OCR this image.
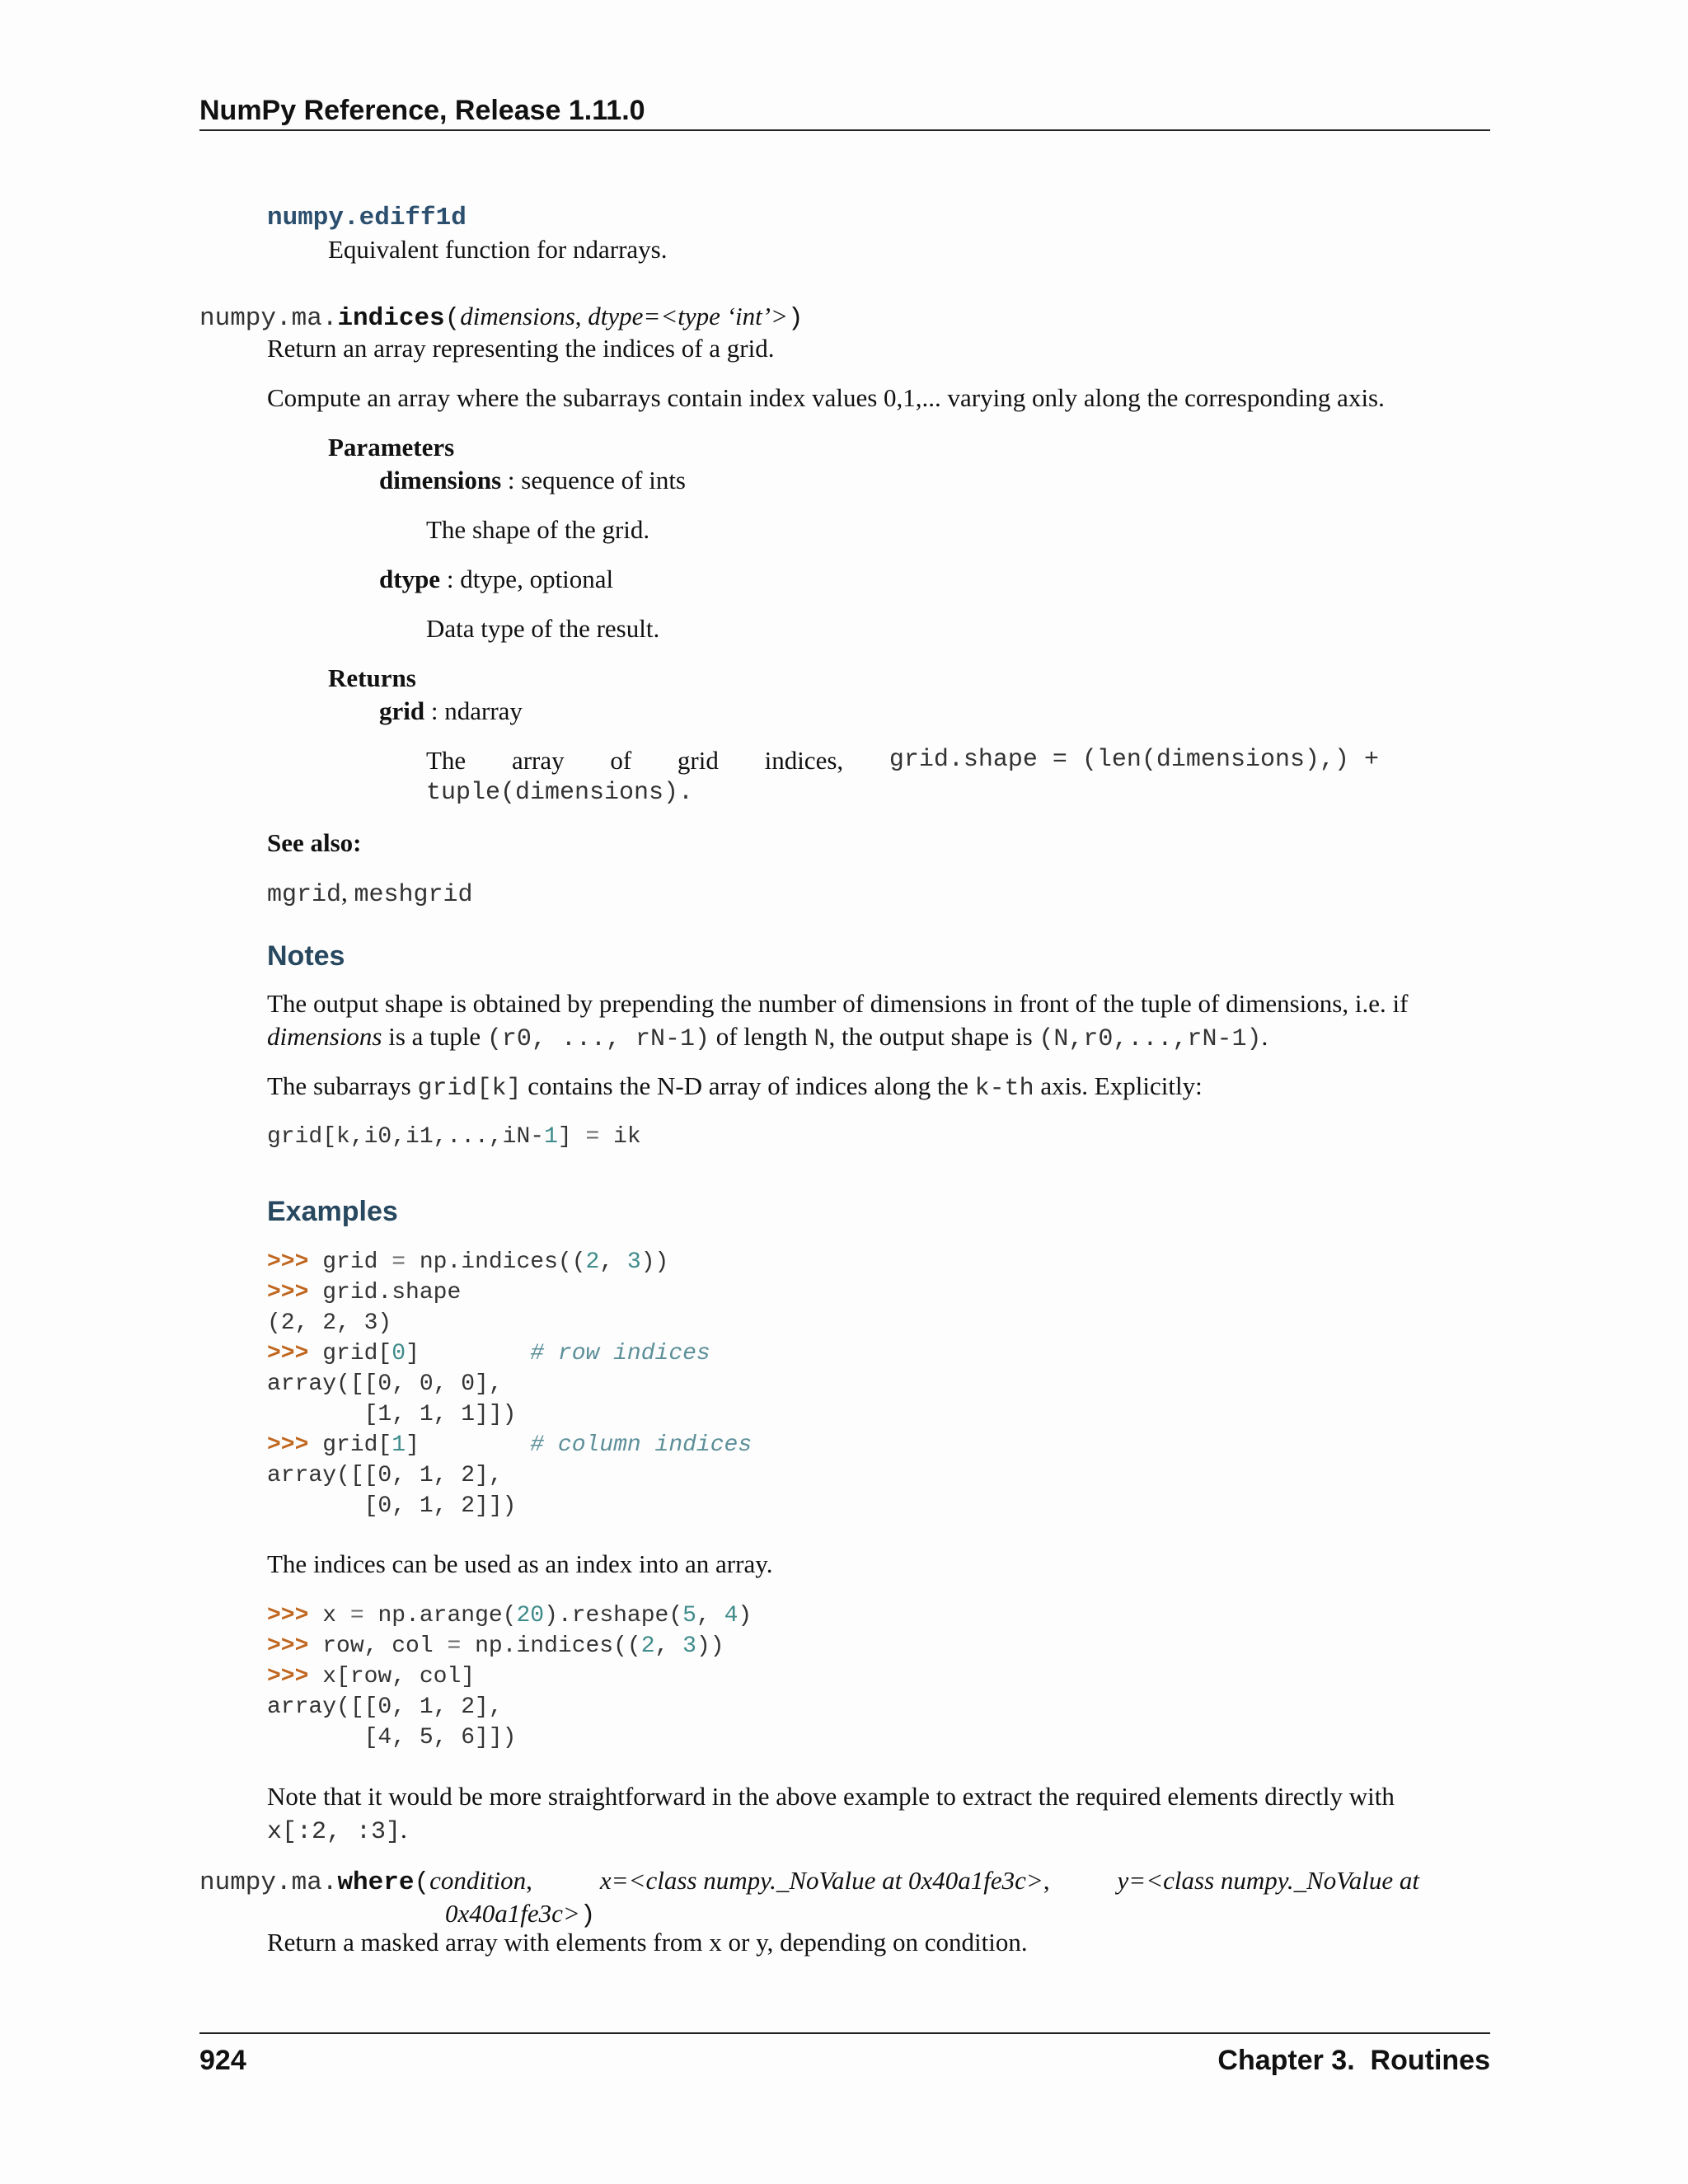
NumPy Reference, Release 1.11.0
numpy.ediff1d
Equivalent function for ndarrays.
numpy.ma.indices(dimensions, dtype=<type ‘int’>)
Return an array representing the indices of a grid.
Compute an array where the subarrays contain index values 0,1,... varying only along the corresponding axis.
Parameters
dimensions : sequence of ints
The shape of the grid.
dtype : dtype, optional
Data type of the result.
Returns
grid : ndarray
The array of grid indices, grid.shape = (len(dimensions),) +
tuple(dimensions).
See also:
mgrid, meshgrid
Notes
The output shape is obtained by prepending the number of dimensions in front of the tuple of dimensions, i.e. if
dimensions is a tuple (r0, ..., rN-1) of length N, the output shape is (N,r0,...,rN-1).
The subarrays grid[k] contains the N-D array of indices along the k-th axis. Explicitly:
grid[k,i0,i1,...,iN-1] = ik
Examples
>>> grid = np.indices((2, 3))
>>> grid.shape
(2, 2, 3)
>>> grid[0]        # row indices
array([[0, 0, 0],
[1, 1, 1]])
>>> grid[1]        # column indices
array([[0, 1, 2],
[0, 1, 2]])
The indices can be used as an index into an array.
>>> x = np.arange(20).reshape(5, 4)
>>> row, col = np.indices((2, 3))
>>> x[row, col]
array([[0, 1, 2],
[4, 5, 6]])
Note that it would be more straightforward in the above example to extract the required elements directly with
x[:2, :3].
numpy.ma.where(condition,	x=<class numpy._NoValue at 0x40a1fe3c>,	y=<class numpy._NoValue at
0x40a1fe3c>)
Return a masked array with elements from x or y, depending on condition.
924	Chapter 3.  Routines
